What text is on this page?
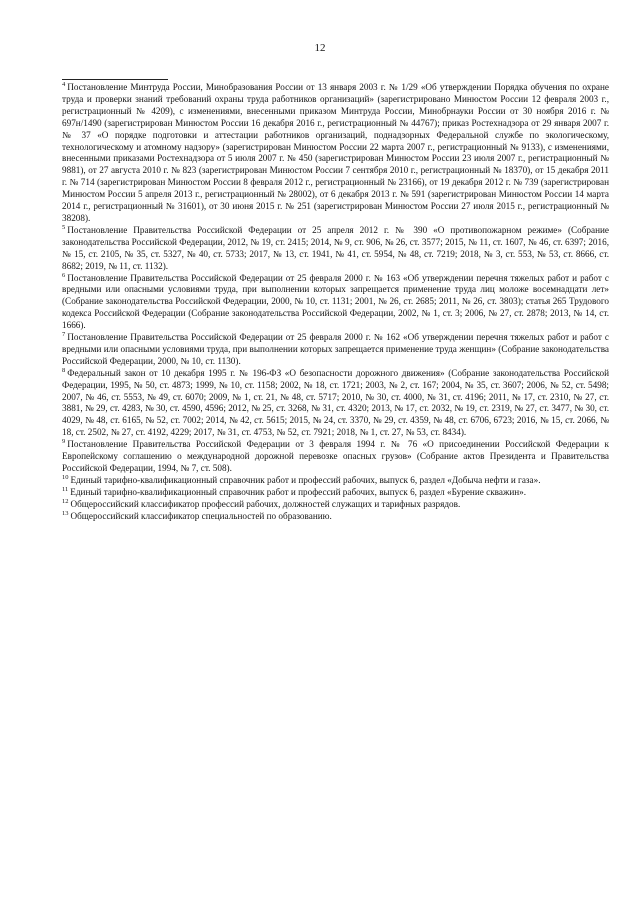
12

$^4$ Постановление Минтруда России, Минобразования России от 13 января 2003 г. № 1/29 «Об утверждении Порядка обучения по охране труда и проверки знаний требований охраны труда работников организаций» (зарегистрировано Минюстом России 12 февраля 2003 г., регистрационный № 4209), с изменениями, внесенными приказом Минтруда России, Минобрнауки России от 30 ноября 2016 г. № 697н/1490 (зарегистрирован Минюстом России 16 декабря 2016 г., регистрационный № 44767); приказ Ростехнадзора от 29 января 2007 г. № 37 «О порядке подготовки и аттестации работников организаций, поднадзорных Федеральной службе по экологическому, технологическому и атомному надзору» (зарегистрирован Минюстом России 22 марта 2007 г., регистрационный № 9133), с изменениями, внесенными приказами Ростехнадзора от 5 июля 2007 г. № 450 (зарегистрирован Минюстом России 23 июля 2007 г., регистрационный № 9881), от 27 августа 2010 г. № 823 (зарегистрирован Минюстом России 7 сентября 2010 г., регистрационный № 18370), от 15 декабря 2011 г. № 714 (зарегистрирован Минюстом России 8 февраля 2012 г., регистрационный № 23166), от 19 декабря 2012 г. № 739 (зарегистрирован Минюстом России 5 апреля 2013 г., регистрационный № 28002), от 6 декабря 2013 г. № 591 (зарегистрирован Минюстом России 14 марта 2014 г., регистрационный № 31601), от 30 июня 2015 г. № 251 (зарегистрирован Минюстом России 27 июля 2015 г., регистрационный № 38208).

$^5$ Постановление Правительства Российской Федерации от 25 апреля 2012 г. № 390 «О противопожарном режиме» (Собрание законодательства Российской Федерации, 2012, № 19, ст. 2415; 2014, № 9, ст. 906, № 26, ст. 3577; 2015, № 11, ст. 1607, № 46, ст. 6397; 2016, № 15, ст. 2105, № 35, ст. 5327, № 40, ст. 5733; 2017, № 13, ст. 1941, № 41, ст. 5954, № 48, ст. 7219; 2018, № 3, ст. 553, № 53, ст. 8666, ст. 8682; 2019, № 11, ст. 1132).

$^6$ Постановление Правительства Российской Федерации от 25 февраля 2000 г. № 163 «Об утверждении перечня тяжелых работ и работ с вредными или опасными условиями труда, при выполнении которых запрещается применение труда лиц моложе восемнадцати лет» (Собрание законодательства Российской Федерации, 2000, № 10, ст. 1131; 2001, № 26, ст. 2685; 2011, № 26, ст. 3803); статья 265 Трудового кодекса Российской Федерации (Собрание законодательства Российской Федерации, 2002, № 1, ст. 3; 2006, № 27, ст. 2878; 2013, № 14, ст. 1666).

$^7$ Постановление Правительства Российской Федерации от 25 февраля 2000 г. № 162 «Об утверждении перечня тяжелых работ и работ с вредными или опасными условиями труда, при выполнении которых запрещается применение труда женщин» (Собрание законодательства Российской Федерации, 2000, № 10, ст. 1130).

$^8$ Федеральный закон от 10 декабря 1995 г. № 196-ФЗ «О безопасности дорожного движения» (Собрание законодательства Российской Федерации, 1995, № 50, ст. 4873; 1999, № 10, ст. 1158; 2002, № 18, ст. 1721; 2003, № 2, ст. 167; 2004, № 35, ст. 3607; 2006, № 52, ст. 5498; 2007, № 46, ст. 5553, № 49, ст. 6070; 2009, № 1, ст. 21, № 48, ст. 5717; 2010, № 30, ст. 4000, № 31, ст. 4196; 2011, № 17, ст. 2310, № 27, ст. 3881, № 29, ст. 4283, № 30, ст. 4590, 4596; 2012, № 25, ст. 3268, № 31, ст. 4320; 2013, № 17, ст. 2032, № 19, ст. 2319, № 27, ст. 3477, № 30, ст. 4029, № 48, ст. 6165, № 52, ст. 7002; 2014, № 42, ст. 5615; 2015, № 24, ст. 3370, № 29, ст. 4359, № 48, ст. 6706, 6723; 2016, № 15, ст. 2066, № 18, ст. 2502, № 27, ст. 4192, 4229; 2017, № 31, ст. 4753, № 52, ст. 7921; 2018, № 1, ст. 27, № 53, ст. 8434).

$^9$ Постановление Правительства Российской Федерации от 3 февраля 1994 г. № 76 «О присоединении Российской Федерации к Европейскому соглашению о международной дорожной перевозке опасных грузов» (Собрание актов Президента и Правительства Российской Федерации, 1994, № 7, ст. 508).

$^{10}$ Единый тарифно-квалификационный справочник работ и профессий рабочих, выпуск 6, раздел «Добыча нефти и газа».

$^{11}$ Единый тарифно-квалификационный справочник работ и профессий рабочих, выпуск 6, раздел «Бурение скважин».

$^{12}$ Общероссийский классификатор профессий рабочих, должностей служащих и тарифных разрядов.

$^{13}$ Общероссийский классификатор специальностей по образованию.
